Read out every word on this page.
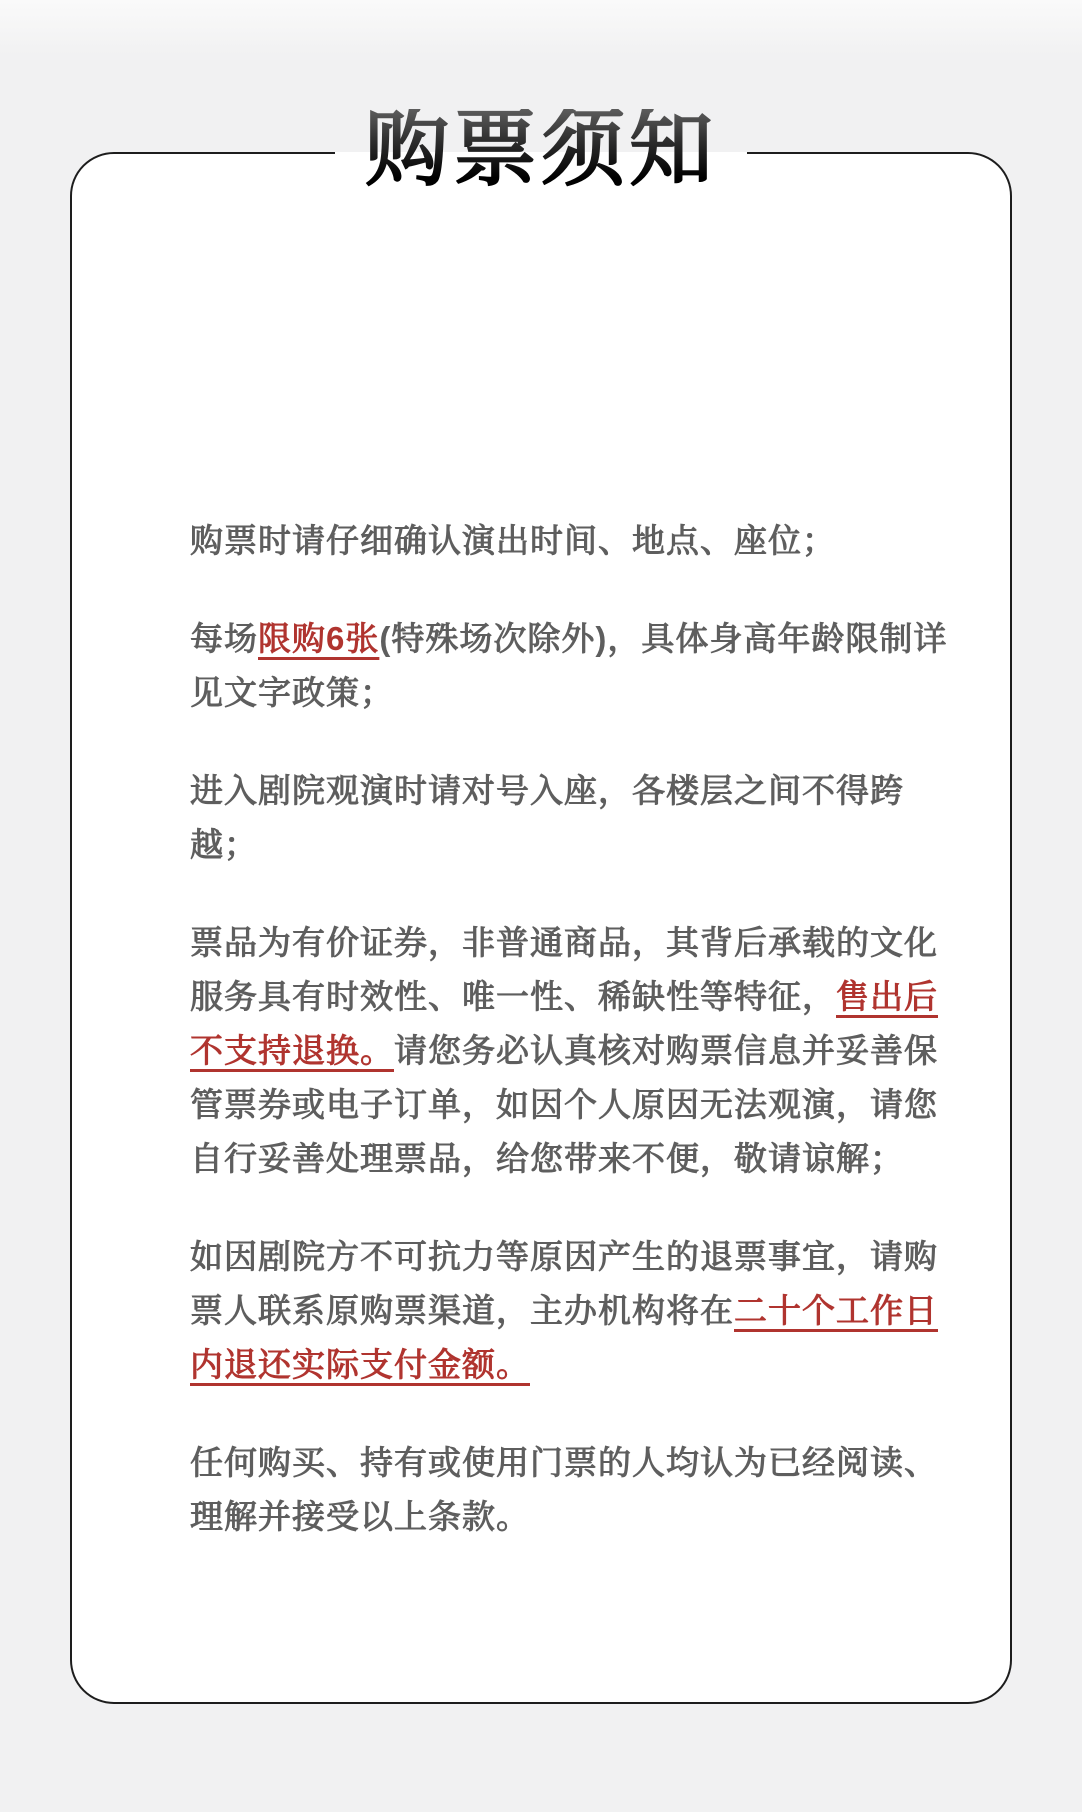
购票须知

购票时请仔细确认演出时间、地点、座位；

每场限购6张(特殊场次除外)，具体身高年龄限制详见文字政策；

进入剧院观演时请对号入座，各楼层之间不得跨越；

票品为有价证券，非普通商品，其背后承载的文化服务具有时效性、唯一性、稀缺性等特征，售出后不支持退换。请您务必认真核对购票信息并妥善保管票券或电子订单，如因个人原因无法观演，请您自行妥善处理票品，给您带来不便，敬请谅解；

如因剧院方不可抗力等原因产生的退票事宜，请购票人联系原购票渠道，主办机构将在二十个工作日内退还实际支付金额。

任何购买、持有或使用门票的人均认为已经阅读、理解并接受以上条款。
